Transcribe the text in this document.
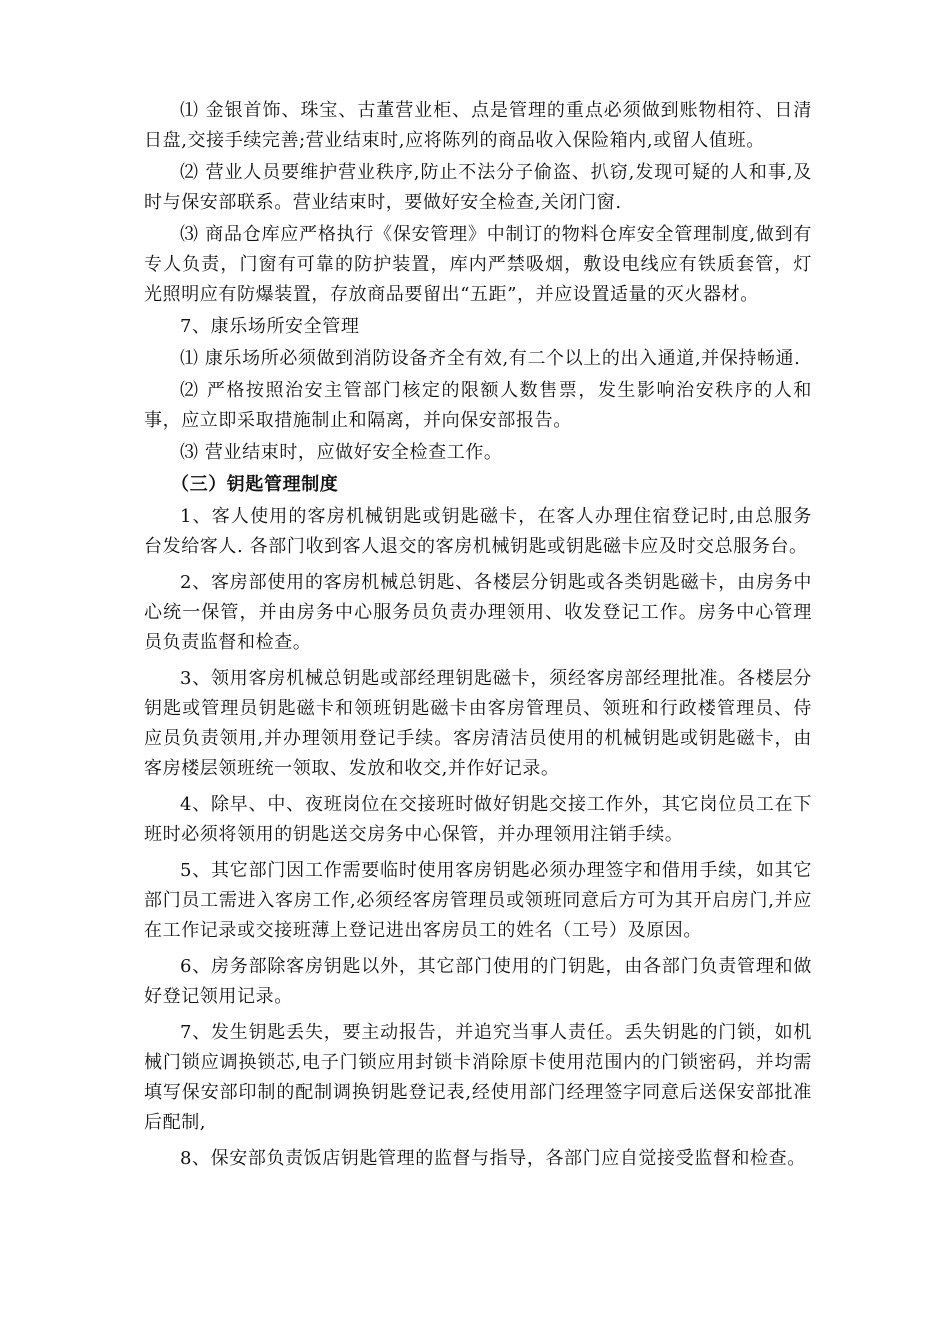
⑴ 金银首饰、珠宝、古董营业柜、点是管理的重点必须做到账物相符、日清日盘,交接手续完善;营业结束时,应将陈列的商品收入保险箱内,或留人值班。

⑵ 营业人员要维护营业秩序,防止不法分子偷盗、扒窃,发现可疑的人和事,及时与保安部联系。营业结束时，要做好安全检查,关闭门窗.

⑶ 商品仓库应严格执行《保安管理》中制订的物料仓库安全管理制度,做到有专人负责，门窗有可靠的防护装置，库内严禁吸烟，敷设电线应有铁质套管，灯光照明应有防爆装置，存放商品要留出“五距”，并应设置适量的灭火器材。

7、康乐场所安全管理

⑴ 康乐场所必须做到消防设备齐全有效,有二个以上的出入通道,并保持畅通.

⑵ 严格按照治安主管部门核定的限额人数售票，发生影响治安秩序的人和事，应立即采取措施制止和隔离，并向保安部报告。

⑶ 营业结束时，应做好安全检查工作。

（三）钥匙管理制度

1、客人使用的客房机械钥匙或钥匙磁卡，在客人办理住宿登记时,由总服务台发给客人. 各部门收到客人退交的客房机械钥匙或钥匙磁卡应及时交总服务台。

2、客房部使用的客房机械总钥匙、各楼层分钥匙或各类钥匙磁卡，由房务中心统一保管，并由房务中心服务员负责办理领用、收发登记工作。房务中心管理员负责监督和检查。

3、领用客房机械总钥匙或部经理钥匙磁卡，须经客房部经理批准。各楼层分钥匙或管理员钥匙磁卡和领班钥匙磁卡由客房管理员、领班和行政楼管理员、侍应员负责领用,并办理领用登记手续。客房清洁员使用的机械钥匙或钥匙磁卡，由客房楼层领班统一领取、发放和收交,并作好记录。

4、除早、中、夜班岗位在交接班时做好钥匙交接工作外，其它岗位员工在下班时必须将领用的钥匙送交房务中心保管，并办理领用注销手续。

5、其它部门因工作需要临时使用客房钥匙必须办理签字和借用手续，如其它部门员工需进入客房工作,必须经客房管理员或领班同意后方可为其开启房门,并应在工作记录或交接班薄上登记进出客房员工的姓名（工号）及原因。

6、房务部除客房钥匙以外，其它部门使用的门钥匙，由各部门负责管理和做好登记领用记录。

7、发生钥匙丢失，要主动报告，并追究当事人责任。丢失钥匙的门锁，如机械门锁应调换锁芯,电子门锁应用封锁卡消除原卡使用范围内的门锁密码，并均需填写保安部印制的配制调换钥匙登记表,经使用部门经理签字同意后送保安部批准后配制,

8、保安部负责饭店钥匙管理的监督与指导，各部门应自觉接受监督和检查。
